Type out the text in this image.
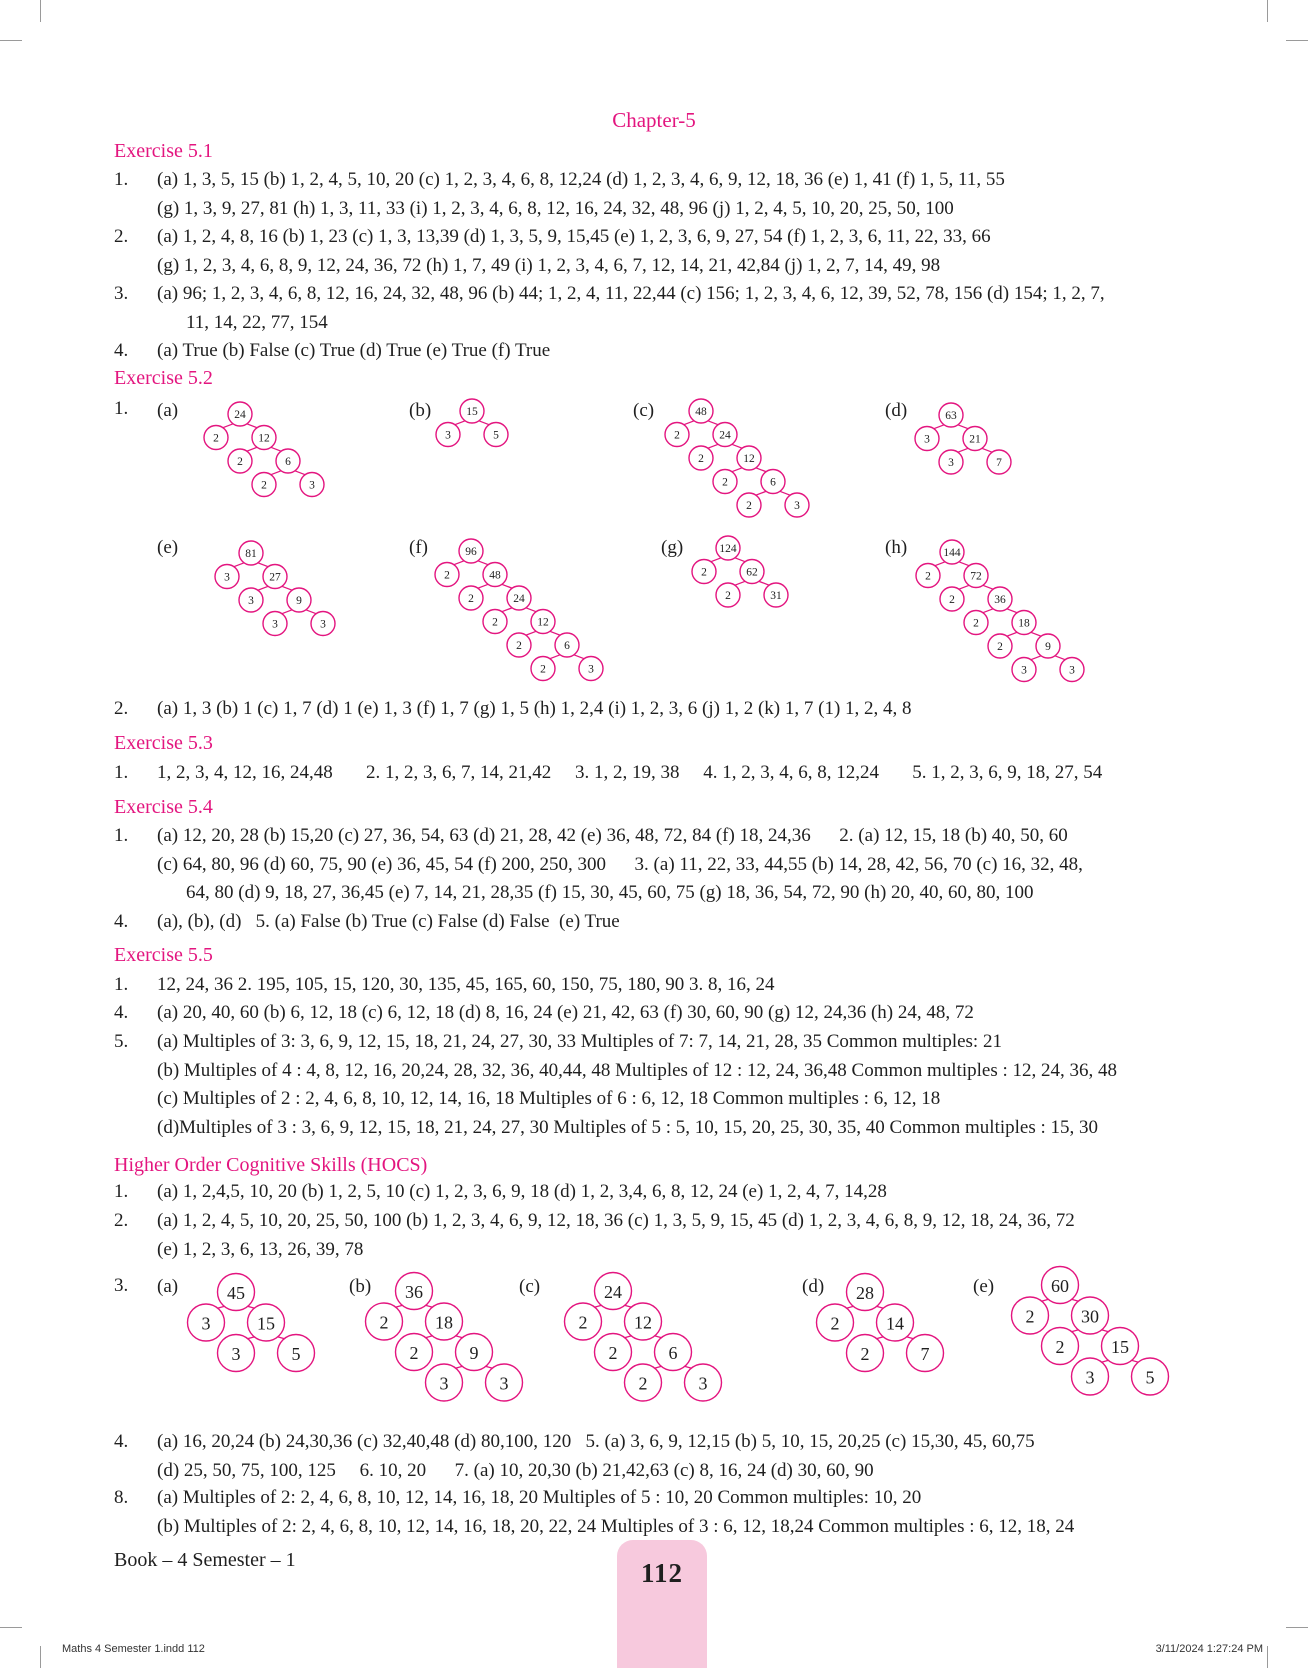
Chapter-5
Exercise 5.1
1. (a) 1, 3, 5, 15 (b) 1, 2, 4, 5, 10, 20 (c) 1, 2, 3, 4, 6, 8, 12,24 (d) 1, 2, 3, 4, 6, 9, 12, 18, 36 (e) 1, 41 (f) 1, 5, 11, 55

(g) 1, 3, 9, 27, 81 (h) 1, 3, 11, 33 (i) 1, 2, 3, 4, 6, 8, 12, 16, 24, 32, 48, 96 (j) 1, 2, 4, 5, 10, 20, 25, 50, 100

2. (a) 1, 2, 4, 8, 16 (b) 1, 23 (c) 1, 3, 13,39 (d) 1, 3, 5, 9, 15,45 (e) 1, 2, 3, 6, 9, 27, 54 (f) 1, 2, 3, 6, 11, 22, 33, 66

(g) 1, 2, 3, 4, 6, 8, 9, 12, 24, 36, 72 (h) 1, 7, 49 (i) 1, 2, 3, 4, 6, 7, 12, 14, 21, 42,84 (j) 1, 2, 7, 14, 49, 98

3. (a) 96; 1, 2, 3, 4, 6, 8, 12, 16, 24, 32, 48, 96 (b) 44; 1, 2, 4, 11, 22,44 (c) 156; 1, 2, 3, 4, 6, 12, 39, 52, 78, 156 (d) 154; 1, 2, 7,

11, 14, 22, 77, 154

4. (a) True (b) False (c) True (d) True (e) True (f) True

Exercise 5.2
1. (a)	24
2	12
2	6
2	3
(b)	15
3	5
(c)	48
2	24
2	12
2	6
2	3
(d)	63
3	21
3	7
(e)	81
3	27
3	9
3	3
(f)	96
2	48
2	24
2	12
2	6
2	3
(g)	124
2	62
2	31
(h)	144
2	72
2	36
2	18
2	9
3	3
(a)	45
3	15
3	5
(b) 36
2	18
2	9
3	3
(c)	24
2	12
2	6
2	3
(d) 28
2	14
2	7
(e)	60
2	30
2	15
3	5
2. (a) 1, 3 (b) 1 (c) 1, 7 (d) 1 (e) 1, 3 (f) 1, 7 (g) 1, 5 (h) 1, 2,4 (i) 1, 2, 3, 6 (j) 1, 2 (k) 1, 7 (1) 1, 2, 4, 8

Exercise 5.3
1. 1, 2, 3, 4, 12, 16, 24,48       2. 1, 2, 3, 6, 7, 14, 21,42     3. 1, 2, 19, 38     4. 1, 2, 3, 4, 6, 8, 12,24       5. 1, 2, 3, 6, 9, 18, 27, 54

Exercise 5.4
1. (a) 12, 20, 28 (b) 15,20 (c) 27, 36, 54, 63 (d) 21, 28, 42 (e) 36, 48, 72, 84 (f) 18, 24,36      2. (a) 12, 15, 18 (b) 40, 50, 60

(c) 64, 80, 96 (d) 60, 75, 90 (e) 36, 45, 54 (f) 200, 250, 300      3. (a) 11, 22, 33, 44,55 (b) 14, 28, 42, 56, 70 (c) 16, 32, 48,

64, 80 (d) 9, 18, 27, 36,45 (e) 7, 14, 21, 28,35 (f) 15, 30, 45, 60, 75 (g) 18, 36, 54, 72, 90 (h) 20, 40, 60, 80, 100

4. (a), (b), (d)   5. (a) False (b) True (c) False (d) False  (e) True

Exercise 5.5
1. 12, 24, 36 2. 195, 105, 15, 120, 30, 135, 45, 165, 60, 150, 75, 180, 90 3. 8, 16, 24

4. (a) 20, 40, 60 (b) 6, 12, 18 (c) 6, 12, 18 (d) 8, 16, 24 (e) 21, 42, 63 (f) 30, 60, 90 (g) 12, 24,36 (h) 24, 48, 72

5. (a) Multiples of 3: 3, 6, 9, 12, 15, 18, 21, 24, 27, 30, 33 Multiples of 7: 7, 14, 21, 28, 35 Common multiples: 21

(b) Multiples of 4 : 4, 8, 12, 16, 20,24, 28, 32, 36, 40,44, 48 Multiples of 12 : 12, 24, 36,48 Common multiples : 12, 24, 36, 48

(c) Multiples of 2 : 2, 4, 6, 8, 10, 12, 14, 16, 18 Multiples of 6 : 6, 12, 18 Common multiples : 6, 12, 18

(d)Multiples of 3 : 3, 6, 9, 12, 15, 18, 21, 24, 27, 30 Multiples of 5 : 5, 10, 15, 20, 25, 30, 35, 40 Common multiples : 15, 30

Higher Order Cognitive Skills (HOCS)
1. (a) 1, 2,4,5, 10, 20 (b) 1, 2, 5, 10 (c) 1, 2, 3, 6, 9, 18 (d) 1, 2, 3,4, 6, 8, 12, 24 (e) 1, 2, 4, 7, 14,28

2. (a) 1, 2, 4, 5, 10, 20, 25, 50, 100 (b) 1, 2, 3, 4, 6, 9, 12, 18, 36 (c) 1, 3, 5, 9, 15, 45 (d) 1, 2, 3, 4, 6, 8, 9, 12, 18, 24, 36, 72

(e) 1, 2, 3, 6, 13, 26, 39, 78

3.
4. (a) 16, 20,24 (b) 24,30,36 (c) 32,40,48 (d) 80,100, 120   5. (a) 3, 6, 9, 12,15 (b) 5, 10, 15, 20,25 (c) 15,30, 45, 60,75

(d) 25, 50, 75, 100, 125     6. 10, 20      7. (a) 10, 20,30 (b) 21,42,63 (c) 8, 16, 24 (d) 30, 60, 90

8. (a) Multiples of 2: 2, 4, 6, 8, 10, 12, 14, 16, 18, 20 Multiples of 5 : 10, 20 Common multiples: 10, 20

(b) Multiples of 2: 2, 4, 6, 8, 10, 12, 14, 16, 18, 20, 22, 24 Multiples of 3 : 6, 12, 18,24 Common multiples : 6, 12, 18, 24

Book – 4 Semester – 1	112
Maths 4 Semester 1.indd 112	3/11/2024 1:27:24 PM
